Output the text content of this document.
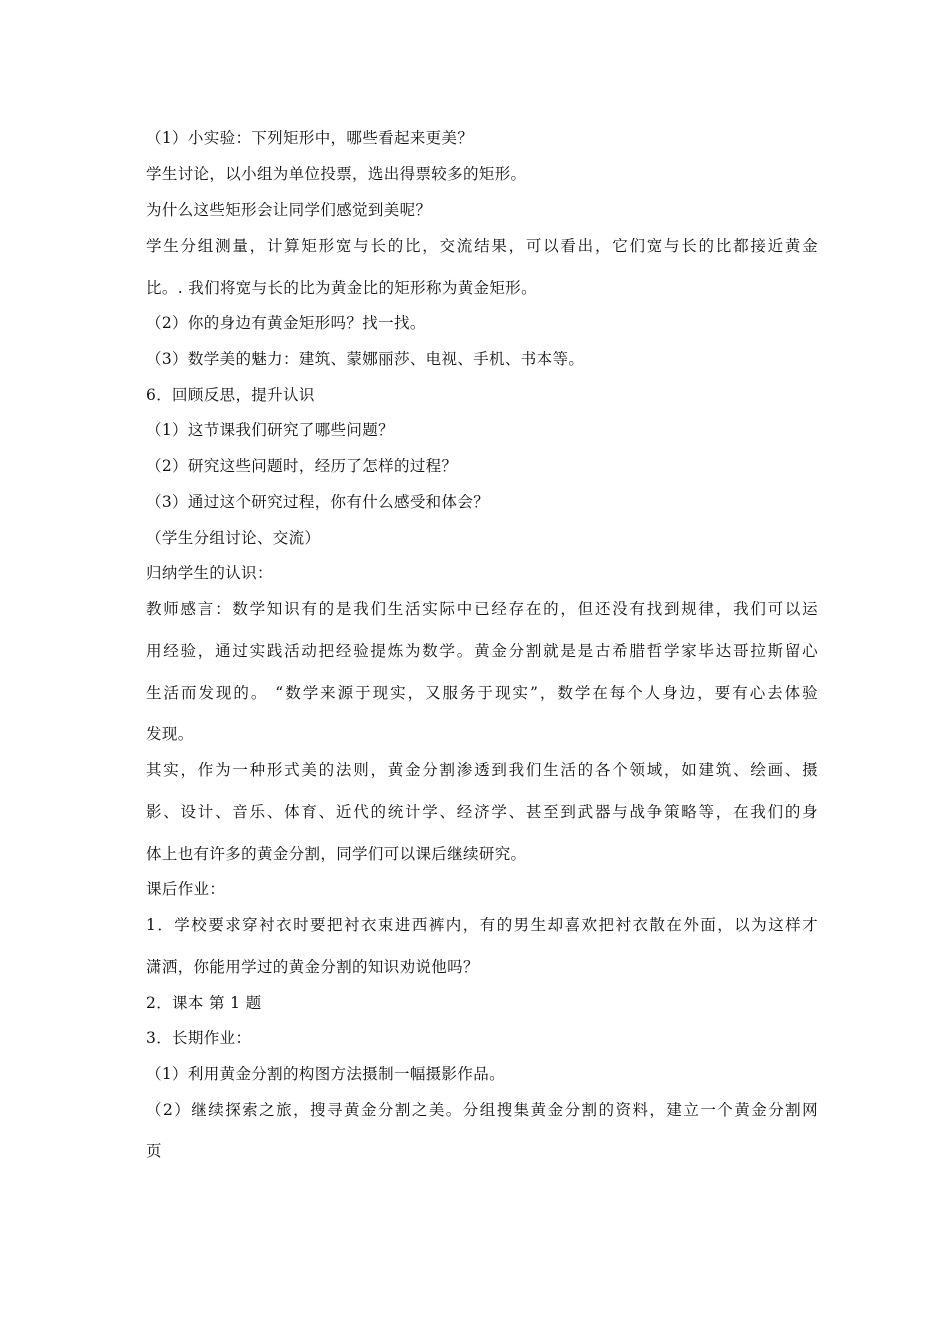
（1）小实验：下列矩形中，哪些看起来更美？
学生讨论，以小组为单位投票，选出得票较多的矩形。
为什么这些矩形会让同学们感觉到美呢？
学生分组测量，计算矩形宽与长的比，交流结果，可以看出，它们宽与长的比都接近黄金
比。. 我们将宽与长的比为黄金比的矩形称为黄金矩形。
（2）你的身边有黄金矩形吗？找一找。
（3）数学美的魅力：建筑、蒙娜丽莎、电视、手机、书本等。
6．回顾反思，提升认识
（1）这节课我们研究了哪些问题？
（2）研究这些问题时，经历了怎样的过程？
（3）通过这个研究过程，你有什么感受和体会？
（学生分组讨论、交流）
归纳学生的认识：
教师感言：数学知识有的是我们生活实际中已经存在的，但还没有找到规律，我们可以运
用经验，通过实践活动把经验提炼为数学。黄金分割就是是古希腊哲学家毕达哥拉斯留心
生活而发现的。 “数学来源于现实，又服务于现实”，数学在每个人身边，要有心去体验
发现。
其实，作为一种形式美的法则，黄金分割渗透到我们生活的各个领域，如建筑、绘画、摄
影、设计、音乐、体育、近代的统计学、经济学、甚至到武器与战争策略等，在我们的身
体上也有许多的黄金分割，同学们可以课后继续研究。
课后作业：
1．学校要求穿衬衣时要把衬衣束进西裤内，有的男生却喜欢把衬衣散在外面，以为这样才
潇洒，你能用学过的黄金分割的知识劝说他吗？
2．课本 第 1 题
3．长期作业：
（1）利用黄金分割的构图方法摄制一幅摄影作品。
（2）继续探索之旅，搜寻黄金分割之美。分组搜集黄金分割的资料，建立一个黄金分割网
页
